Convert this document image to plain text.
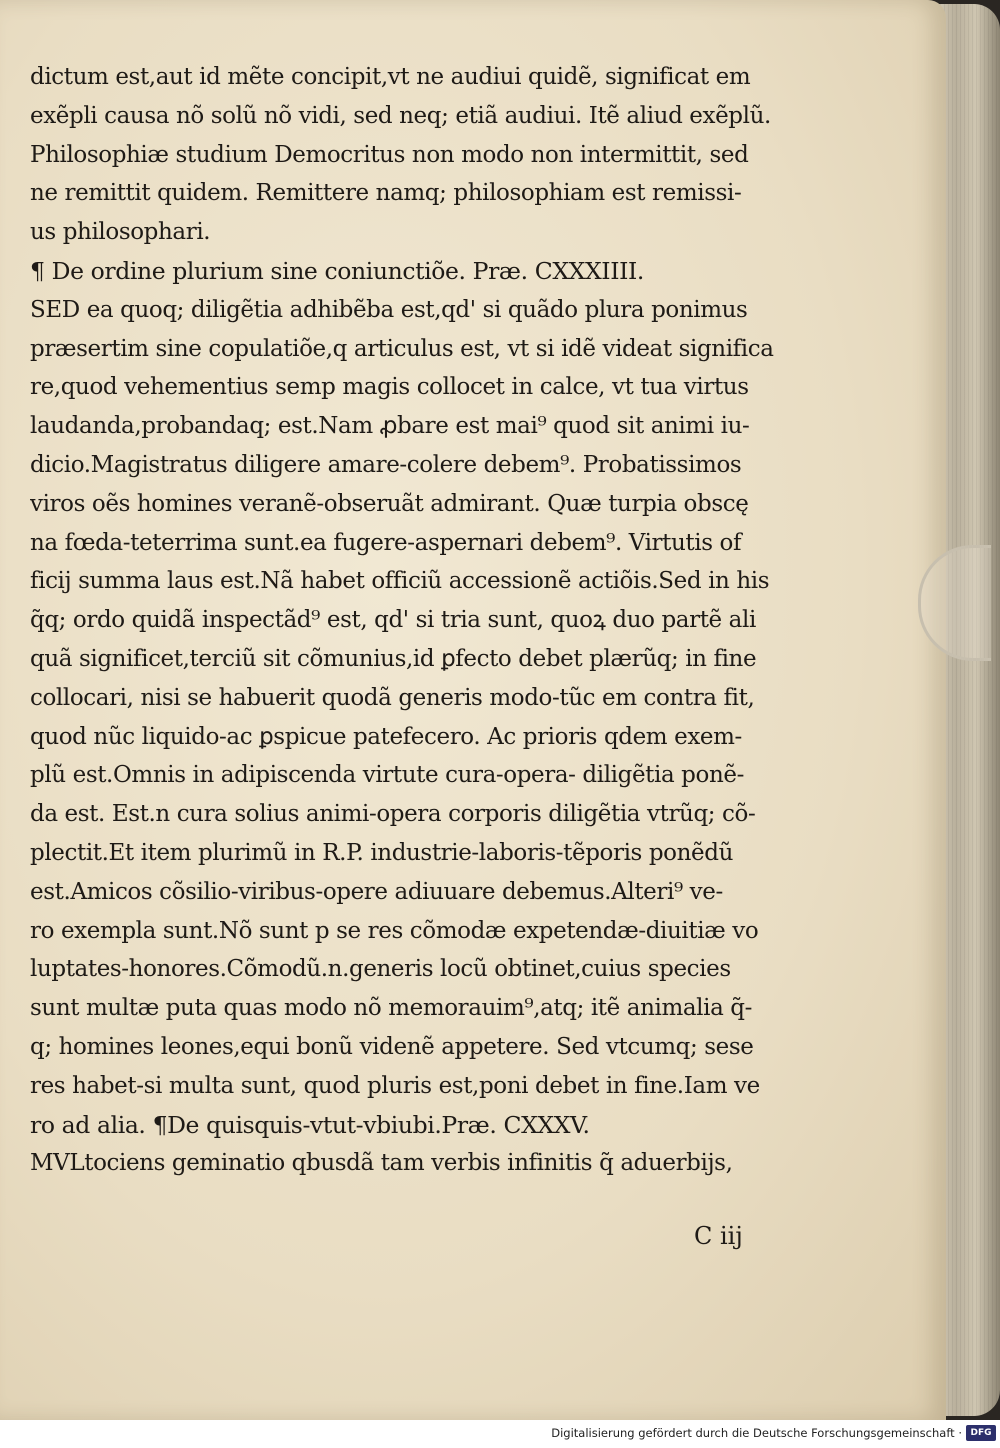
dictum est,aut id mẽte concipit,vt ne audiui quidẽ, significat em
exẽpli causa nõ solũ nõ vidi, sed neq; etiã audiui. Itẽ aliud exẽplũ.
Philosophiæ studium Democritus non modo non intermittit, sed
ne remittit quidem. Remittere namq; philosophiam est remissi-
us philosophari.
¶ De ordine plurium sine coniunctiõe. Præ. CXXXIIII.
SED ea quoq; diligẽtia adhibẽba est,qd' si quãdo plura ponimus
præsertim sine copulatiõe,q articulus est, vt si idẽ videat significa
re,quod vehementius semp magis collocet in calce, vt tua virtus
laudanda,probandaq; est.Nam ꝓbare est mai⁹ quod sit animi iu-
dicio.Magistratus diligere amare-colere debem⁹. Probatissimos
viros oẽs homines veranẽ-obseruãt admirant. Quæ turpia obscę
na fœda-teterrima sunt.ea fugere-aspernari debem⁹. Virtutis of
ficij summa laus est.Nã habet officiũ accessionẽ actiõis.Sed in his
q̃q; ordo quidã inspectãd⁹ est, qd' si tria sunt, quoꝝ duo partẽ ali
quã significet,terciũ sit cõmunius,id ꝑfecto debet plærũq; in fine
collocari, nisi se habuerit quodã generis modo-tũc em contra fit,
quod nũc liquido-ac ꝑspicue patefecero. Ac prioris qdem exem-
plũ est.Omnis in adipiscenda virtute cura-opera- diligẽtia ponẽ-
da est. Est.n cura solius animi-opera corporis diligẽtia vtrũq; cõ-
plectit.Et item plurimũ in R.P. industrie-laboris-tẽporis ponẽdũ
est.Amicos cõsilio-viribus-opere adiuuare debemus.Alteri⁹ ve-
ro exempla sunt.Nõ sunt p se res cõmodæ expetendæ-diuitiæ vo
luptates-honores.Cõmodũ.n.generis locũ obtinet,cuius species
sunt multæ puta quas modo nõ memorauim⁹,atq; itẽ animalia q̃-
q; homines leones,equi bonũ videnẽ appetere. Sed vtcumq; sese
res habet-si multa sunt, quod pluris est,poni debet in fine.Iam ve
ro ad alia. ¶De quisquis-vtut-vbiubi.Præ. CXXXV.
MVLtociens geminatio qbusdã tam verbis infinitis q̃ aduerbijs,
C iij
Digitalisierung gefördert durch die Deutsche Forschungsgemeinschaft · DFG
